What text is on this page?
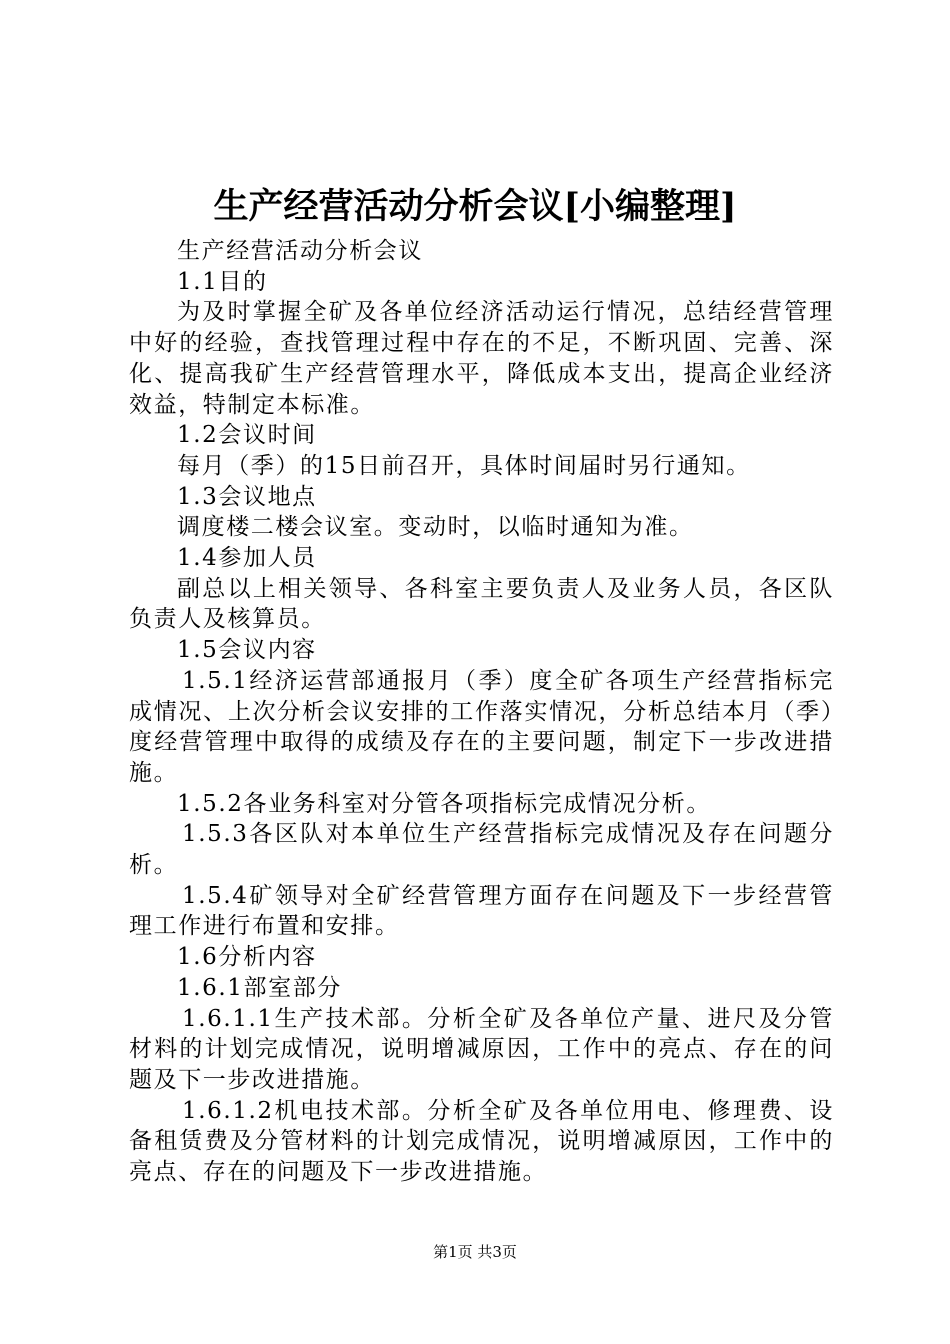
生产经营活动分析会议[小编整理]

生产经营活动分析会议

1.1目的

为及时掌握全矿及各单位经济活动运行情况，总结经营管理中好的经验，查找管理过程中存在的不足，不断巩固、完善、深化、提高我矿生产经营管理水平，降低成本支出，提高企业经济效益，特制定本标准。

1.2会议时间

每月（季）的15日前召开，具体时间届时另行通知。

1.3会议地点

调度楼二楼会议室。变动时，以临时通知为准。

1.4参加人员

副总以上相关领导、各科室主要负责人及业务人员，各区队负责人及核算员。

1.5会议内容

1.5.1经济运营部通报月（季）度全矿各项生产经营指标完成情况、上次分析会议安排的工作落实情况，分析总结本月（季）度经营管理中取得的成绩及存在的主要问题，制定下一步改进措施。

1.5.2各业务科室对分管各项指标完成情况分析。

1.5.3各区队对本单位生产经营指标完成情况及存在问题分析。

1.5.4矿领导对全矿经营管理方面存在问题及下一步经营管理工作进行布置和安排。

1.6分析内容

1.6.1部室部分

1.6.1.1生产技术部。分析全矿及各单位产量、进尺及分管材料的计划完成情况，说明增减原因，工作中的亮点、存在的问题及下一步改进措施。

1.6.1.2机电技术部。分析全矿及各单位用电、修理费、设备租赁费及分管材料的计划完成情况，说明增减原因，工作中的亮点、存在的问题及下一步改进措施。

第1页 共3页
